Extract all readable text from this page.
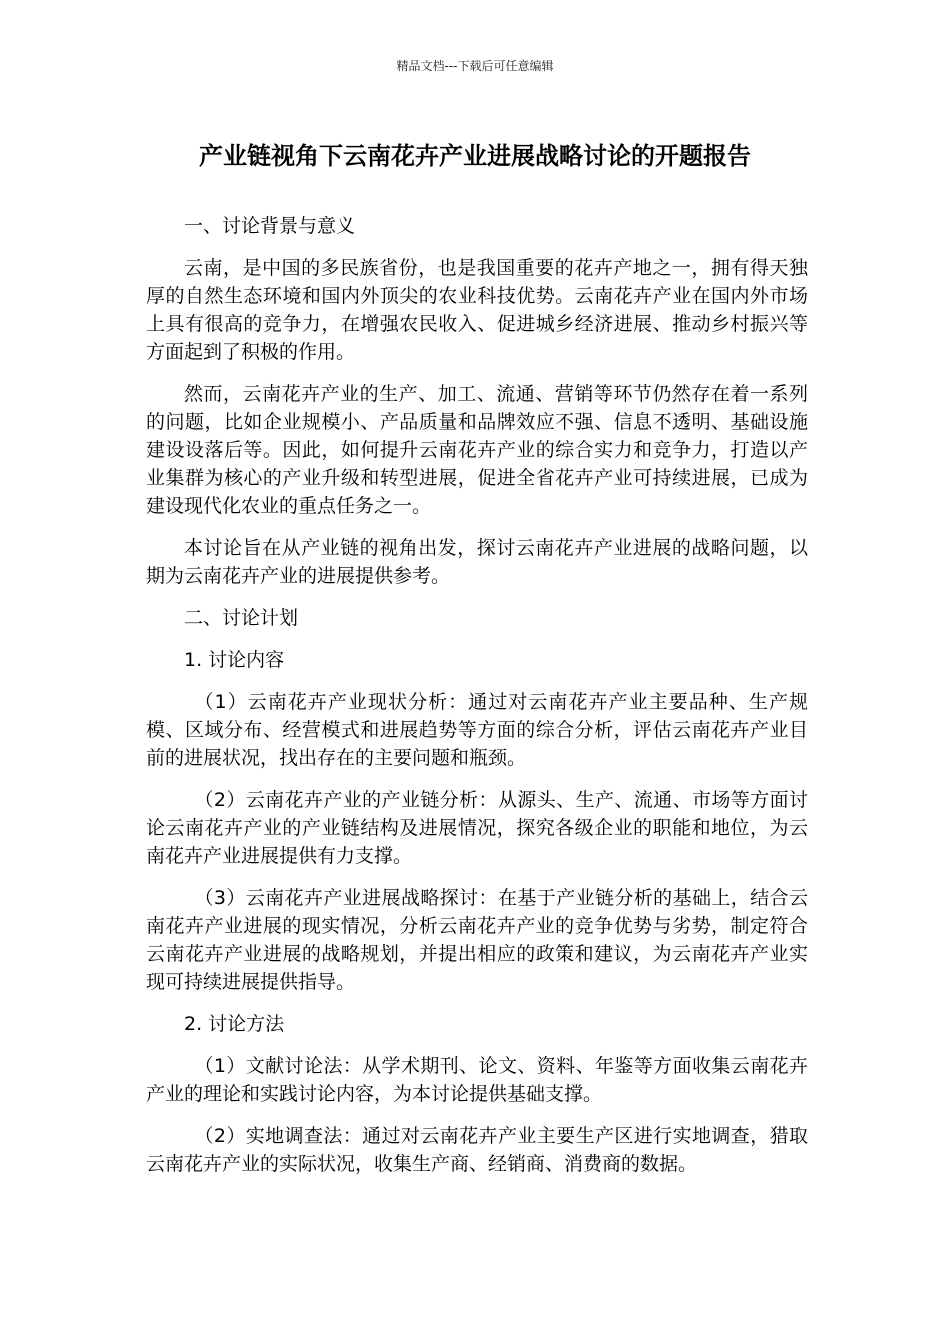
精品文档---下载后可任意编辑
产业链视角下云南花卉产业进展战略讨论的开题报告

一、讨论背景与意义

云南，是中国的多民族省份，也是我国重要的花卉产地之一，拥有得天独厚的自然生态环境和国内外顶尖的农业科技优势。云南花卉产业在国内外市场上具有很高的竞争力，在增强农民收入、促进城乡经济进展、推动乡村振兴等方面起到了积极的作用。

然而，云南花卉产业的生产、加工、流通、营销等环节仍然存在着一系列的问题，比如企业规模小、产品质量和品牌效应不强、信息不透明、基础设施建设设落后等。因此，如何提升云南花卉产业的综合实力和竞争力，打造以产业集群为核心的产业升级和转型进展，促进全省花卉产业可持续进展，已成为建设现代化农业的重点任务之一。

本讨论旨在从产业链的视角出发，探讨云南花卉产业进展的战略问题，以期为云南花卉产业的进展提供参考。

二、讨论计划

1. 讨论内容

（1）云南花卉产业现状分析：通过对云南花卉产业主要品种、生产规模、区域分布、经营模式和进展趋势等方面的综合分析，评估云南花卉产业目前的进展状况，找出存在的主要问题和瓶颈。

（2）云南花卉产业的产业链分析：从源头、生产、流通、市场等方面讨论云南花卉产业的产业链结构及进展情况，探究各级企业的职能和地位，为云南花卉产业进展提供有力支撑。

（3）云南花卉产业进展战略探讨：在基于产业链分析的基础上，结合云南花卉产业进展的现实情况，分析云南花卉产业的竞争优势与劣势，制定符合云南花卉产业进展的战略规划，并提出相应的政策和建议，为云南花卉产业实现可持续进展提供指导。

2. 讨论方法

（1）文献讨论法：从学术期刊、论文、资料、年鉴等方面收集云南花卉产业的理论和实践讨论内容，为本讨论提供基础支撑。

（2）实地调查法：通过对云南花卉产业主要生产区进行实地调查，猎取云南花卉产业的实际状况，收集生产商、经销商、消费商的数据。
